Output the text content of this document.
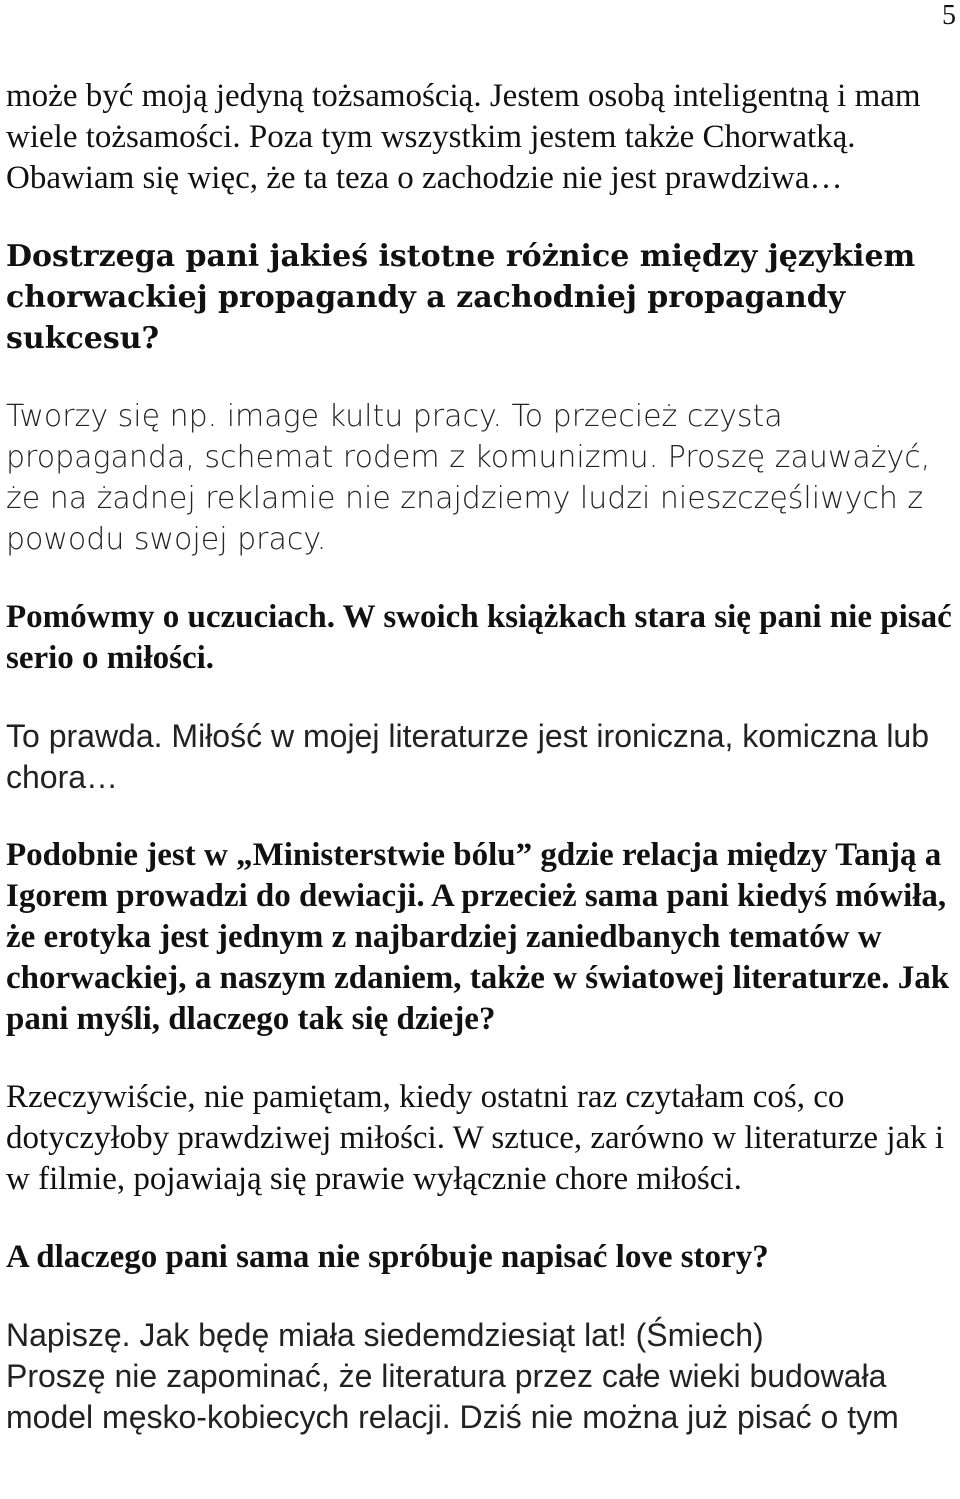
5

może być moją jedyną tożsamością. Jestem osobą inteligentną i mam wiele tożsamości. Poza tym wszystkim jestem także Chorwatką. Obawiam się więc, że ta teza o zachodzie nie jest prawdziwa…

Dostrzega pani jakieś istotne różnice między językiem chorwackiej propagandy a zachodniej propagandy sukcesu?

Tworzy się np. image kultu pracy. To przecież czysta propaganda, schemat rodem z komunizmu. Proszę zauważyć, że na żadnej reklamie nie znajdziemy ludzi nieszczęśliwych z powodu swojej pracy.

Pomówmy o uczuciach. W swoich książkach stara się pani nie pisać serio o miłości.

To prawda. Miłość w mojej literaturze jest ironiczna, komiczna lub chora…

Podobnie jest w „Ministerstwie bólu” gdzie relacja między Tanją a Igorem prowadzi do dewiacji. A przecież sama pani kiedyś mówiła, że erotyka jest jednym z najbardziej zaniedbanych tematów w chorwackiej, a naszym zdaniem, także w światowej literaturze. Jak pani myśli, dlaczego tak się dzieje?

Rzeczywiście, nie pamiętam, kiedy ostatni raz czytałam coś, co dotyczyłoby prawdziwej miłości. W sztuce, zarówno w literaturze jak i w filmie, pojawiają się prawie wyłącznie chore miłości.

A dlaczego pani sama nie spróbuje napisać love story?

Napiszę. Jak będę miała siedemdziesiąt lat! (Śmiech)

Proszę nie zapominać, że literatura przez całe wieki budowała model męsko-kobiecych relacji. Dziś nie można już pisać o tym
